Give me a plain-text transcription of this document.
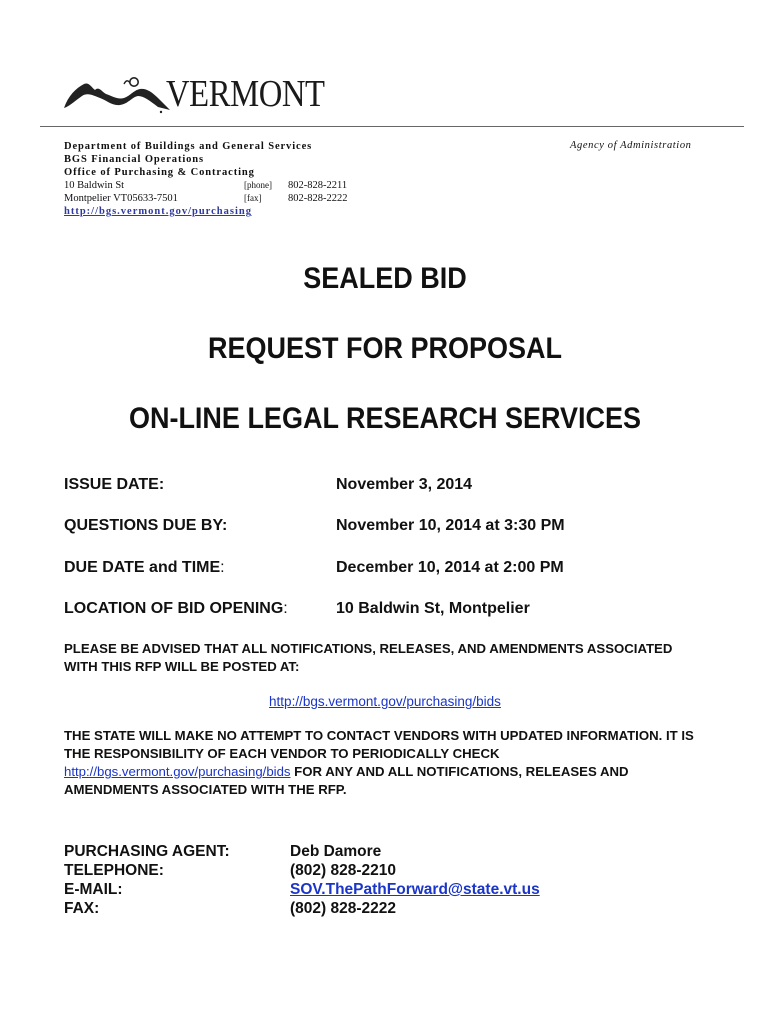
VERMONT
Department of Buildings and General Services
BGS Financial Operations
Office of Purchasing & Contracting
10 Baldwin St	[phone]	802-828-2211
Montpelier VT05633-7501	[fax]	802-828-2222
http://bgs.vermont.gov/purchasing
Agency of Administration
SEALED BID
REQUEST FOR PROPOSAL
ON-LINE LEGAL RESEARCH SERVICES
ISSUE DATE:	November 3, 2014
QUESTIONS DUE BY:	November 10, 2014 at 3:30 PM
DUE DATE and TIME:	December 10, 2014 at 2:00 PM
LOCATION OF BID OPENING:	10 Baldwin St, Montpelier
PLEASE BE ADVISED THAT ALL NOTIFICATIONS, RELEASES, AND AMENDMENTS ASSOCIATED WITH THIS RFP WILL BE POSTED AT:
http://bgs.vermont.gov/purchasing/bids
THE STATE WILL MAKE NO ATTEMPT TO CONTACT VENDORS WITH UPDATED INFORMATION. IT IS THE RESPONSIBILITY OF EACH VENDOR TO PERIODICALLY CHECK http://bgs.vermont.gov/purchasing/bids FOR ANY AND ALL NOTIFICATIONS, RELEASES AND AMENDMENTS ASSOCIATED WITH THE RFP.
PURCHASING AGENT:	Deb Damore
TELEPHONE:	(802) 828-2210
E-MAIL:	SOV.ThePathForward@state.vt.us
FAX:	(802) 828-2222
